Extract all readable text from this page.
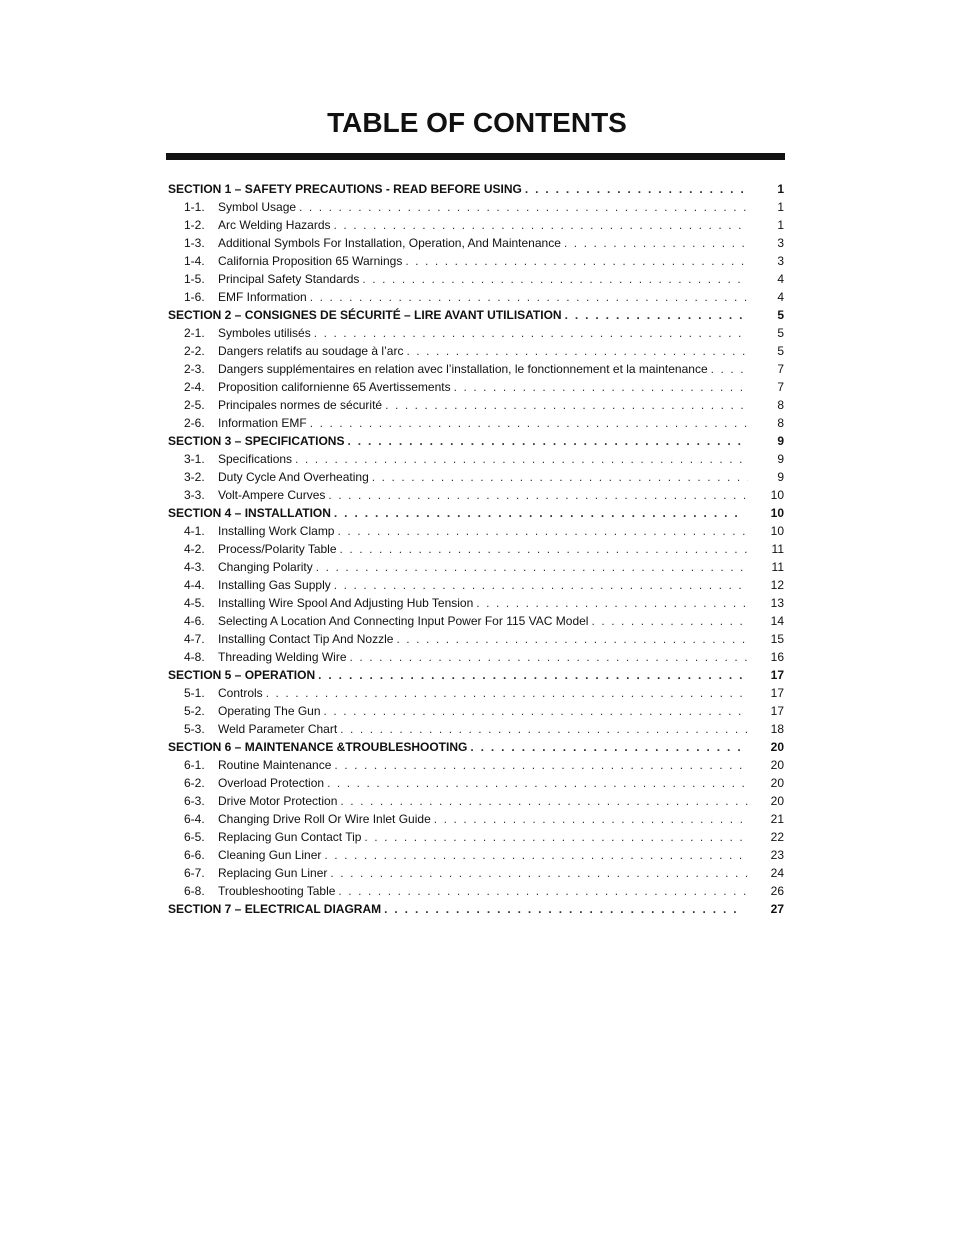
TABLE OF CONTENTS
SECTION 1 – SAFETY PRECAUTIONS - READ BEFORE USING . . .	1
1-1.	Symbol Usage . . .	1
1-2.	Arc Welding Hazards . . .	1
1-3.	Additional Symbols For Installation, Operation, And Maintenance . . .	3
1-4.	California Proposition 65 Warnings . . .	3
1-5.	Principal Safety Standards . . .	4
1-6.	EMF Information . . .	4
SECTION 2 – CONSIGNES DE SÉCURITÉ – LIRE AVANT UTILISATION . . .	5
2-1.	Symboles utilisés . . .	5
2-2.	Dangers relatifs au soudage à l’arc . . .	5
2-3.	Dangers supplémentaires en relation avec l’installation, le fonctionnement et la maintenance . . .	7
2-4.	Proposition californienne 65 Avertissements . . .	7
2-5.	Principales normes de sécurité . . .	8
2-6.	Information EMF . . .	8
SECTION 3 – SPECIFICATIONS . . .	9
3-1.	Specifications . . .	9
3-2.	Duty Cycle And Overheating . . .	9
3-3.	Volt-Ampere Curves . . .	10
SECTION 4 – INSTALLATION . . .	10
4-1.	Installing Work Clamp . . .	10
4-2.	Process/Polarity Table . . .	11
4-3.	Changing Polarity . . .	11
4-4.	Installing Gas Supply . . .	12
4-5.	Installing Wire Spool And Adjusting Hub Tension . . .	13
4-6.	Selecting A Location And Connecting Input Power For 115 VAC Model . . .	14
4-7.	Installing Contact Tip And Nozzle . . .	15
4-8.	Threading Welding Wire . . .	16
SECTION 5 – OPERATION . . .	17
5-1.	Controls . . .	17
5-2.	Operating The Gun . . .	17
5-3.	Weld Parameter Chart . . .	18
SECTION 6 – MAINTENANCE &TROUBLESHOOTING . . .	20
6-1.	Routine Maintenance . . .	20
6-2.	Overload Protection . . .	20
6-3.	Drive Motor Protection . . .	20
6-4.	Changing Drive Roll Or Wire Inlet Guide . . .	21
6-5.	Replacing Gun Contact Tip . . .	22
6-6.	Cleaning Gun Liner . . .	23
6-7.	Replacing Gun Liner . . .	24
6-8.	Troubleshooting Table . . .	26
SECTION 7 – ELECTRICAL DIAGRAM . . .	27
